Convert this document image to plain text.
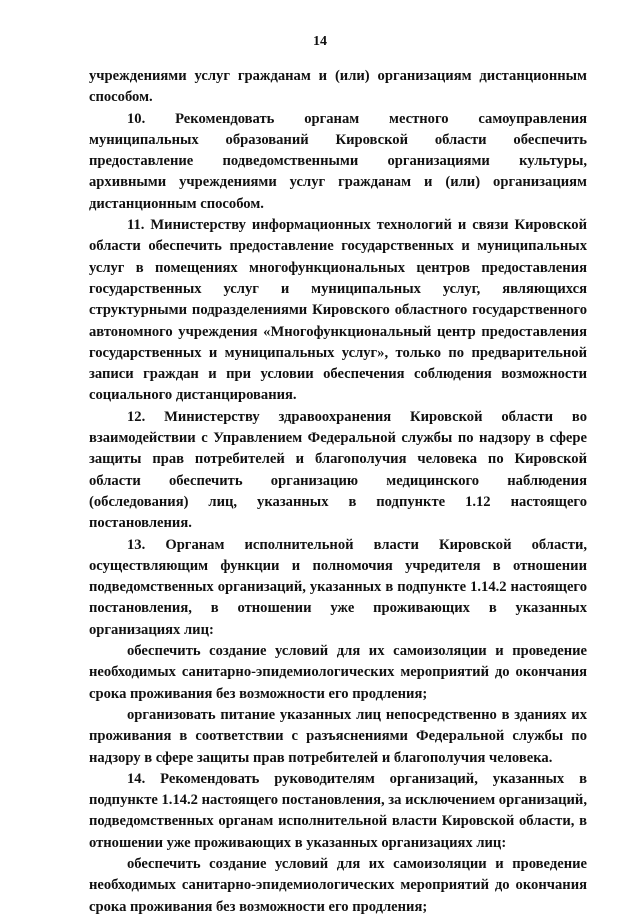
14

учреждениями услуг гражданам и (или) организациям дистанционным способом.

10. Рекомендовать органам местного самоуправления муниципальных образований Кировской области обеспечить предоставление подведомственными организациями культуры, архивными учреждениями услуг гражданам и (или) организациям дистанционным способом.

11. Министерству информационных технологий и связи Кировской области обеспечить предоставление государственных и муниципальных услуг в помещениях многофункциональных центров предоставления государственных услуг и муниципальных услуг, являющихся структурными подразделениями Кировского областного государственного автономного учреждения «Многофункциональный центр предоставления государственных и муниципальных услуг», только по предварительной записи граждан и при условии обеспечения соблюдения возможности социального дистанцирования.

12. Министерству здравоохранения Кировской области во взаимодействии с Управлением Федеральной службы по надзору в сфере защиты прав потребителей и благополучия человека по Кировской области обеспечить организацию медицинского наблюдения (обследования) лиц, указанных в подпункте 1.12 настоящего постановления.

13. Органам исполнительной власти Кировской области, осуществляющим функции и полномочия учредителя в отношении подведомственных организаций, указанных в подпункте 1.14.2 настоящего постановления, в отношении уже проживающих в указанных организациях лиц:

обеспечить создание условий для их самоизоляции и проведение необходимых санитарно-эпидемиологических мероприятий до окончания срока проживания без возможности его продления;

организовать питание указанных лиц непосредственно в зданиях их проживания в соответствии с разъяснениями Федеральной службы по надзору в сфере защиты прав потребителей и благополучия человека.

14. Рекомендовать руководителям организаций, указанных в подпункте 1.14.2 настоящего постановления, за исключением организаций, подведомственных органам исполнительной власти Кировской области, в отношении уже проживающих в указанных организациях лиц:

обеспечить создание условий для их самоизоляции и проведение необходимых санитарно-эпидемиологических мероприятий до окончания срока проживания без возможности его продления;
